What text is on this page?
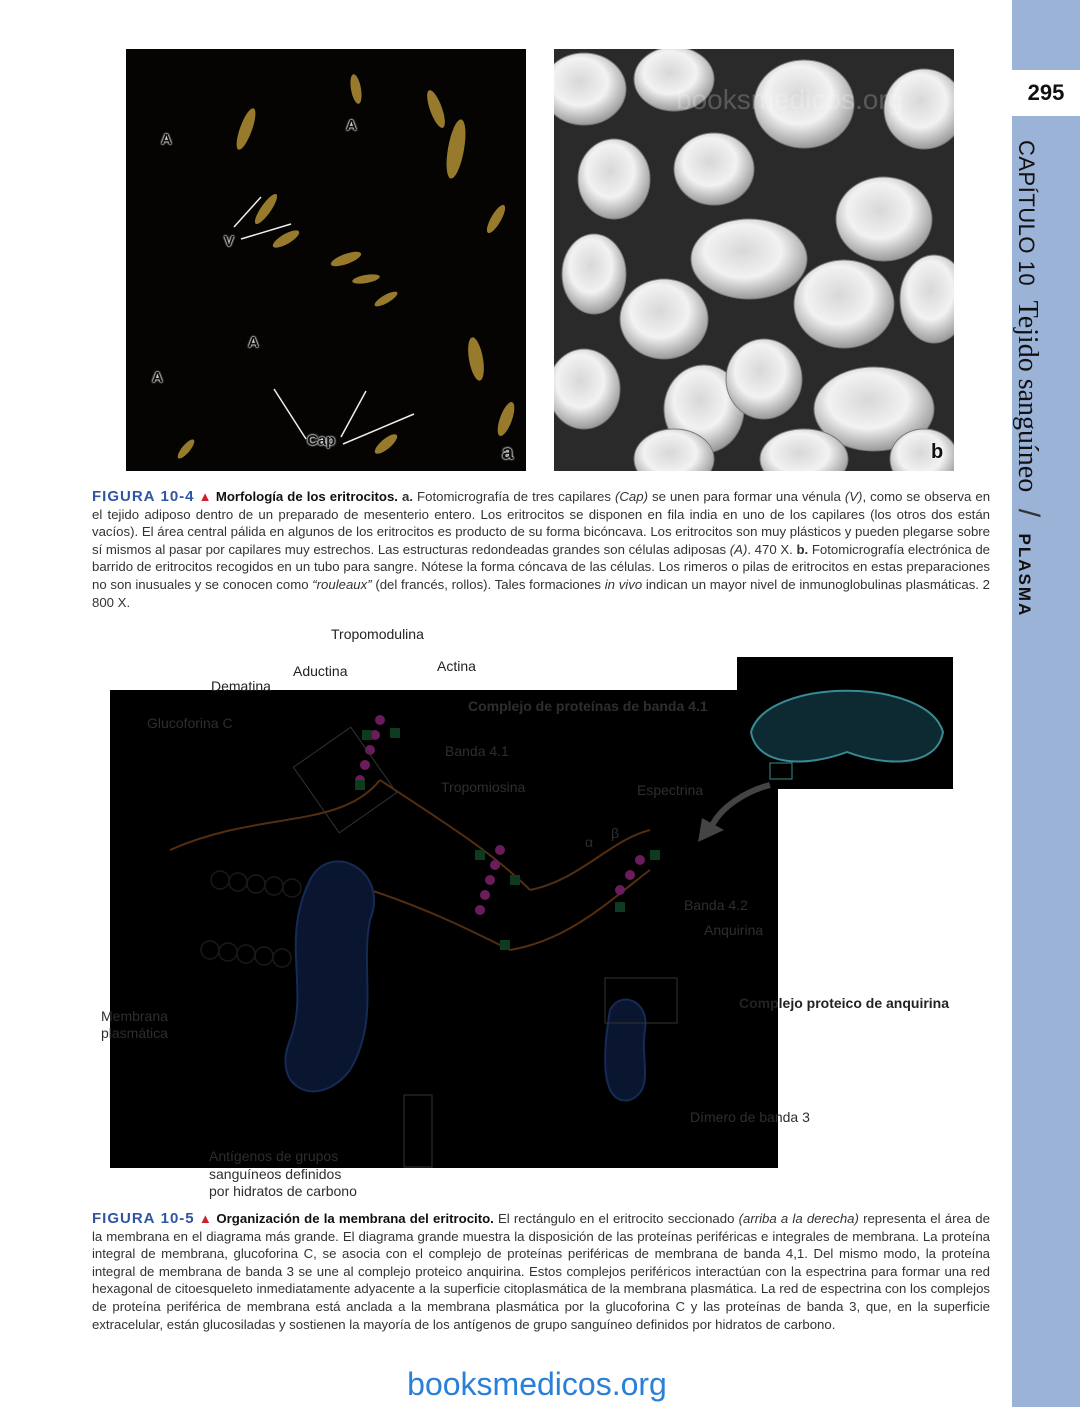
295
CAPÍTULO 10 Tejido sanguíneo / PLASMA
A
A
V
A
A
Cap
a	b
booksmedicos.org
FIGURA 10-4 ▲ Morfología de los eritrocitos. a. Fotomicrografía de tres capilares (Cap) se unen para formar una vénula (V), como se observa en el tejido adiposo dentro de un preparado de mesenterio entero. Los eritrocitos se disponen en fila india en uno de los capilares (los otros dos están vacíos). El área central pálida en algunos de los eritrocitos es producto de su forma bicóncava. Los eritrocitos son muy plásticos y pueden plegarse sobre sí mismos al pasar por capilares muy estrechos. Las estructuras redondeadas grandes son células adiposas (A). 470 X. b. Fotomicrografía electrónica de barrido de eritrocitos recogidos en un tubo para sangre. Nótese la forma cóncava de las células. Los rimeros o pilas de eritrocitos en estas preparaciones no son inusuales y se conocen como “rouleaux” (del francés, rollos). Tales formaciones in vivo indican un mayor nivel de inmunoglobulinas plasmáticas. 2 800 X.
Tropomodulina
Aductina	Actina
Dematina
Glucoforina C
Complejo de proteínas de banda 4.1
Banda 4.1
Tropomiosina	Espectrina
α
β
Banda 4.2
Anquirina
Complejo proteico de anquirina
Membrana
plasmática
Dímero de banda 3
Antígenos de grupos
sanguíneos definidos
por hidratos de carbono
FIGURA 10-5 ▲ Organización de la membrana del eritrocito. El rectángulo en el eritrocito seccionado (arriba a la derecha) representa el área de la membrana en el diagrama más grande. El diagrama grande muestra la disposición de las proteínas periféricas e integrales de membrana. La proteína integral de membrana, glucoforina C, se asocia con el complejo de proteínas periféricas de membrana de banda 4,1. Del mismo modo, la proteína integral de membrana de banda 3 se une al complejo proteico anquirina. Estos complejos periféricos interactúan con la espectrina para formar una red hexagonal de citoesqueleto inmediatamente adyacente a la superficie citoplasmática de la membrana plasmática. La red de espectrina con los complejos de proteína periférica de membrana está anclada a la membrana plasmática por la glucoforina C y las proteínas de banda 3, que, en la superficie extracelular, están glucosiladas y sostienen la mayoría de los antígenos de grupo sanguíneo definidos por hidratos de carbono.
booksmedicos.org
